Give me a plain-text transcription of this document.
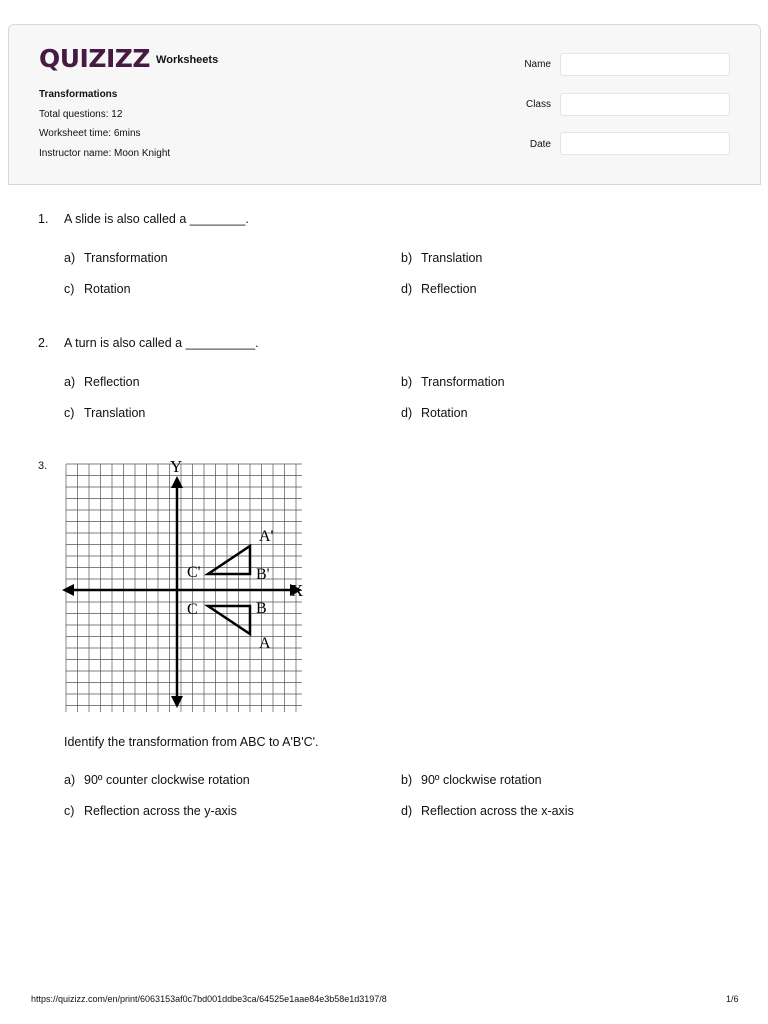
QUIZIZZ Worksheets
Transformations
Total questions: 12
Worksheet time: 6mins
Instructor name: Moon Knight
Name
Class
Date
1. A slide is also called a ________.
a) Transformation	b) Translation
c) Rotation	d) Reflection
2. A turn is also called a __________.
a) Reflection	b) Transformation
c) Translation	d) Rotation
3.	Y
X
A'
B'
C'
A
B
C
Identify the transformation from ABC to A'B'C'.
a) 90º counter clockwise rotation	b) 90º clockwise rotation
c) Reflection across the y-axis	d) Reflection across the x-axis
https://quizizz.com/en/print/6063153af0c7bd001ddbe3ca/64525e1aae84e3b58e1d3197/8	1/6
